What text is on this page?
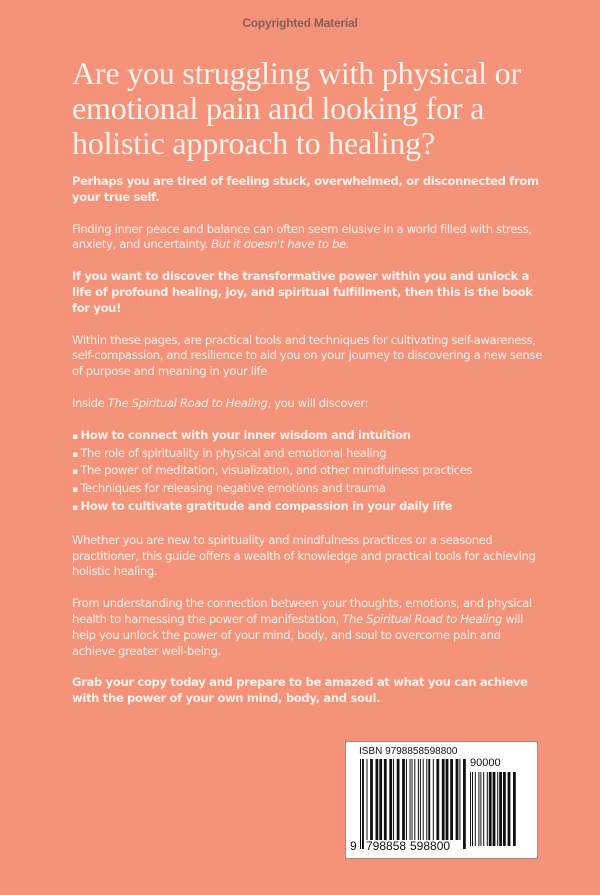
Copyrighted Material
Are you struggling with physical or emotional pain and looking for a holistic approach to healing?

Perhaps you are tired of feeling stuck, overwhelmed, or disconnected from your true self.

Finding inner peace and balance can often seem elusive in a world filled with stress, anxiety, and uncertainty. But it doesn't have to be.

If you want to discover the transformative power within you and unlock a life of profound healing, joy, and spiritual fulfillment, then this is the book for you!

Within these pages, are practical tools and techniques for cultivating self-awareness, self-compassion, and resilience to aid you on your journey to discovering a new sense of purpose and meaning in your life

Inside The Spiritual Road to Healing, you will discover:

▪ How to connect with your inner wisdom and intuition
▪ The role of spirituality in physical and emotional healing
▪ The power of meditation, visualization, and other mindfulness practices
▪ Techniques for releasing negative emotions and trauma
▪ How to cultivate gratitude and compassion in your daily life

Whether you are new to spirituality and mindfulness practices or a seasoned practitioner, this guide offers a wealth of knowledge and practical tools for achieving holistic healing.

From understanding the connection between your thoughts, emotions, and physical health to harnessing the power of manifestation, The Spiritual Road to Healing will help you unlock the power of your mind, body, and soul to overcome pain and achieve greater well-being.

Grab your copy today and prepare to be amazed at what you can achieve with the power of your own mind, body, and soul.

ISBN 9798858598800
90000
9 798858 598800
